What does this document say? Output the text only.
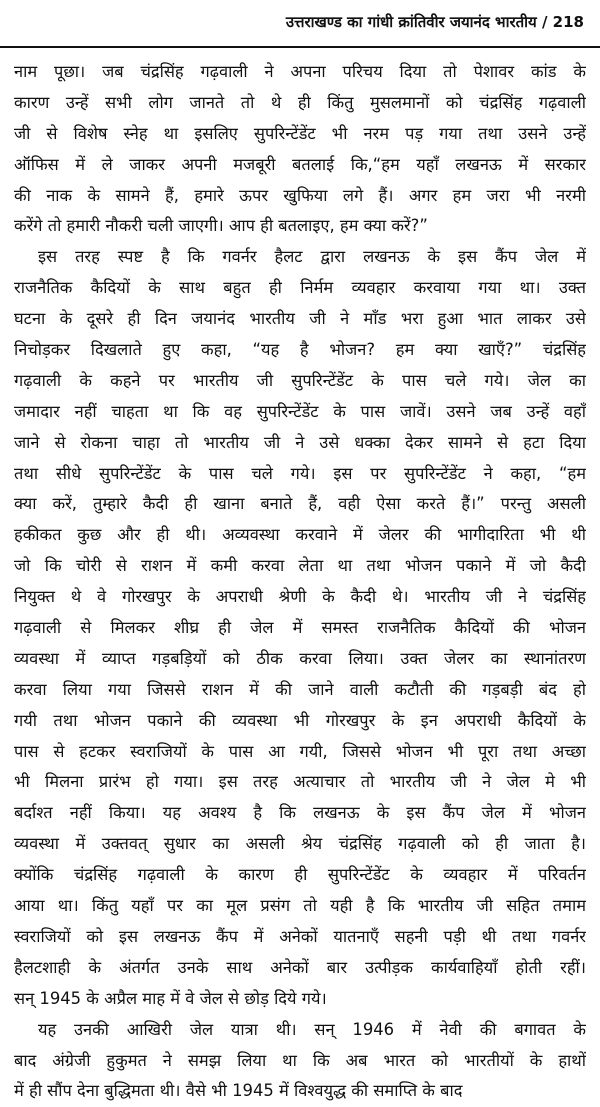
उत्तराखण्ड का गांधी क्रांतिवीर जयानंद भारतीय / 218
नाम पूछा। जब चंद्रसिंह गढ़वाली ने अपना परिचय दिया तो पेशावर कांड के
कारण उन्हें सभी लोग जानते तो थे ही किंतु मुसलमानों को चंद्रसिंह गढ़वाली
जी से विशेष स्नेह था इसलिए सुपरिन्टेंडेंट भी नरम पड़ गया तथा उसने उन्हें
ऑफिस में ले जाकर अपनी मजबूरी बतलाई कि,“हम यहाँ लखनऊ में सरकार
की नाक के सामने हैं, हमारे ऊपर खुफिया लगे हैं। अगर हम जरा भी नरमी
करेंगे तो हमारी नौकरी चली जाएगी। आप ही बतलाइए, हम क्या करें?”
इस तरह स्पष्ट है कि गवर्नर हैलट द्वारा लखनऊ के इस कैंप जेल में
राजनैतिक कैदियों के साथ बहुत ही निर्मम व्यवहार करवाया गया था। उक्त
घटना के दूसरे ही दिन जयानंद भारतीय जी ने माँड भरा हुआ भात लाकर उसे
निचोड़कर दिखलाते हुए कहा, “यह है भोजन? हम क्या खाएँ?” चंद्रसिंह
गढ़वाली के कहने पर भारतीय जी सुपरिन्टेंडेंट के पास चले गये। जेल का
जमादार नहीं चाहता था कि वह सुपरिन्टेंडेंट के पास जावें। उसने जब उन्हें वहाँ
जाने से रोकना चाहा तो भारतीय जी ने उसे धक्का देकर सामने से हटा दिया
तथा सीधे सुपरिन्टेंडेंट के पास चले गये। इस पर सुपरिन्टेंडेंट ने कहा, “हम
क्या करें, तुम्हारे कैदी ही खाना बनाते हैं, वही ऐसा करते हैं।” परन्तु असली
हकीकत कुछ और ही थी। अव्यवस्था करवाने में जेलर की भागीदारिता भी थी
जो कि चोरी से राशन में कमी करवा लेता था तथा भोजन पकाने में जो कैदी
नियुक्त थे वे गोरखपुर के अपराधी श्रेणी के कैदी थे। भारतीय जी ने चंद्रसिंह
गढ़वाली से मिलकर शीघ्र ही जेल में समस्त राजनैतिक कैदियों की भोजन
व्यवस्था में व्याप्त गड़बड़ियों को ठीक करवा लिया। उक्त जेलर का स्थानांतरण
करवा लिया गया जिससे राशन में की जाने वाली कटौती की गड़बड़ी बंद हो
गयी तथा भोजन पकाने की व्यवस्था भी गोरखपुर के इन अपराधी कैदियों के
पास से हटकर स्वराजियों के पास आ गयी, जिससे भोजन भी पूरा तथा अच्छा
भी मिलना प्रारंभ हो गया। इस तरह अत्याचार तो भारतीय जी ने जेल मे भी
बर्दाश्त नहीं किया। यह अवश्य है कि लखनऊ के इस कैंप जेल में भोजन
व्यवस्था में उक्तवत् सुधार का असली श्रेय चंद्रसिंह गढ़वाली को ही जाता है।
क्योंकि चंद्रसिंह गढ़वाली के कारण ही सुपरिन्टेंडेंट के व्यवहार में परिवर्तन
आया था। किंतु यहाँ पर का मूल प्रसंग तो यही है कि भारतीय जी सहित तमाम
स्वराजियों को इस लखनऊ कैंप में अनेकों यातनाएँ सहनी पड़ी थी तथा गवर्नर
हैलटशाही के अंतर्गत उनके साथ अनेकों बार उत्पीड़क कार्यवाहियाँ होती रहीं।
सन् 1945 के अप्रैल माह में वे जेल से छोड़ दिये गये।
यह उनकी आखिरी जेल यात्रा थी। सन् 1946 में नेवी की बगावत के
बाद अंग्रेजी हुकुमत ने समझ लिया था कि अब भारत को भारतीयों के हाथों
में ही सौंप देना बुद्धिमता थी। वैसे भी 1945 में विश्वयुद्ध की समाप्ति के बाद
